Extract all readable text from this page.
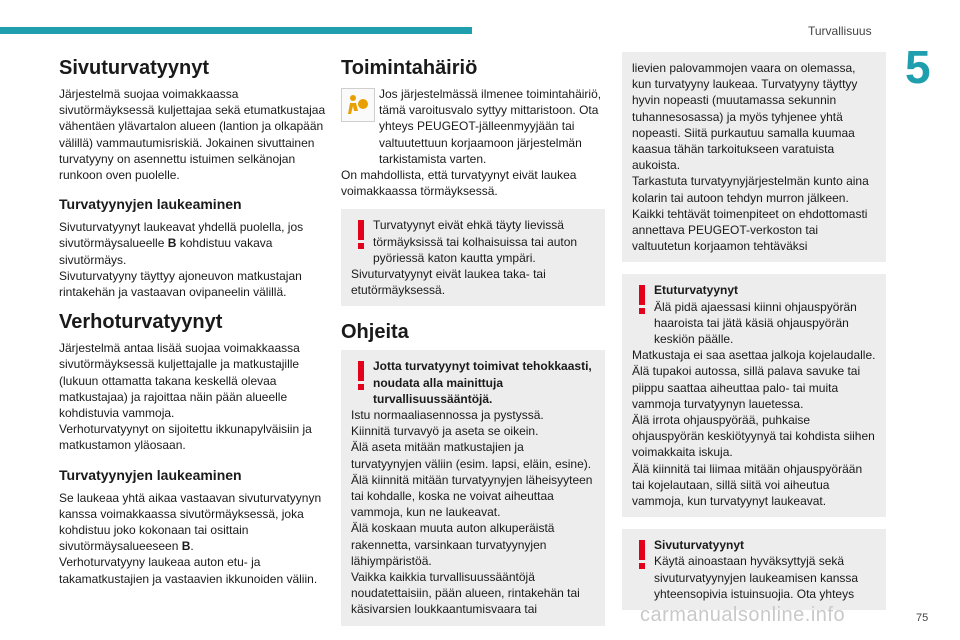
Turvallisuus
5
Sivuturvatyynyt

Järjestelmä suojaa voimakkaassa sivutörmäyksessä kuljettajaa sekä etumatkustajaa vähentäen ylävartalon alueen (lantion ja olkapään välillä) vammautumisriskiä. Jokainen sivuttainen turvatyyny on asennettu istuimen selkänojan runkoon oven puolelle.

Turvatyynyjen laukeaminen

Sivuturvatyynyt laukeavat yhdellä puolella, jos sivutörmäysalueelle B kohdistuu vakava sivutörmäys.

Sivuturvatyyny täyttyy ajoneuvon matkustajan rintakehän ja vastaavan ovipaneelin välillä.

Verhoturvatyynyt

Järjestelmä antaa lisää suojaa voimakkaassa sivutörmäyksessä kuljettajalle ja matkustajille (lukuun ottamatta takana keskellä olevaa matkustajaa) ja rajoittaa näin pään alueelle kohdistuvia vammoja.

Verhoturvatyynyt on sijoitettu ikkunapylväisiin ja matkustamon yläosaan.

Turvatyynyjen laukeaminen

Se laukeaa yhtä aikaa vastaavan sivuturvatyynyn kanssa voimakkaassa sivutörmäyksessä, joka kohdistuu joko kokonaan tai osittain sivutörmäysalueeseen B.

Verhoturvatyyny laukeaa auton etu- ja takamatkustajien ja vastaavien ikkunoiden väliin.

Toimintahäiriö

Jos järjestelmässä ilmenee toimintahäiriö, tämä varoitusvalo syttyy mittaristoon. Ota yhteys PEUGEOT-jälleenmyyjään tai valtuutettuun korjaamoon järjestelmän tarkistamista varten.

On mahdollista, että turvatyynyt eivät laukea voimakkaassa törmäyksessä.

Turvatyynyt eivät ehkä täyty lievissä törmäyksissä tai kolhaisuissa tai auton pyöriessä katon kautta ympäri.

Sivuturvatyynyt eivät laukea taka- tai etutörmäyksessä.

Ohjeita

Jotta turvatyynyt toimivat tehokkaasti, noudata alla mainittuja turvallisuussääntöjä.

Istu normaaliasennossa ja pystyssä.

Kiinnitä turvavyö ja aseta se oikein.

Älä aseta mitään matkustajien ja turvatyynyjen väliin (esim. lapsi, eläin, esine).

Älä kiinnitä mitään turvatyynyjen läheisyyteen tai kohdalle, koska ne voivat aiheuttaa vammoja, kun ne laukeavat.

Älä koskaan muuta auton alkuperäistä rakennetta, varsinkaan turvatyynyjen lähiympäristöä.

Vaikka kaikkia turvallisuussääntöjä noudatettaisiin, pään alueen, rintakehän tai käsivarsien loukkaantumisvaara tai

lievien palovammojen vaara on olemassa, kun turvatyyny laukeaa. Turvatyyny täyttyy hyvin nopeasti (muutamassa sekunnin tuhannesosassa) ja myös tyhjenee yhtä nopeasti. Siitä purkautuu samalla kuumaa kaasua tähän tarkoitukseen varatuista aukoista.

Tarkastuta turvatyynyjärjestelmän kunto aina kolarin tai autoon tehdyn murron jälkeen.

Kaikki tehtävät toimenpiteet on ehdottomasti annettava PEUGEOT-verkoston tai valtuutetun korjaamon tehtäväksi

Etuturvatyynyt

Älä pidä ajaessasi kiinni ohjauspyörän haaroista tai jätä käsiä ohjauspyörän keskiön päälle.

Matkustaja ei saa asettaa jalkoja kojelaudalle.

Älä tupakoi autossa, sillä palava savuke tai piippu saattaa aiheuttaa palo- tai muita vammoja turvatyynyn lauetessa.

Älä irrota ohjauspyörää, puhkaise ohjauspyörän keskiötyynyä tai kohdista siihen voimakkaita iskuja.

Älä kiinnitä tai liimaa mitään ohjauspyörään tai kojelautaan, sillä siitä voi aiheutua vammoja, kun turvatyynyt laukeavat.

Sivuturvatyynyt

Käytä ainoastaan hyväksyttyjä sekä sivuturvatyynyjen laukeamisen kanssa yhteensopivia istuinsuojia. Ota yhteys

carmanualsonline.info	75
